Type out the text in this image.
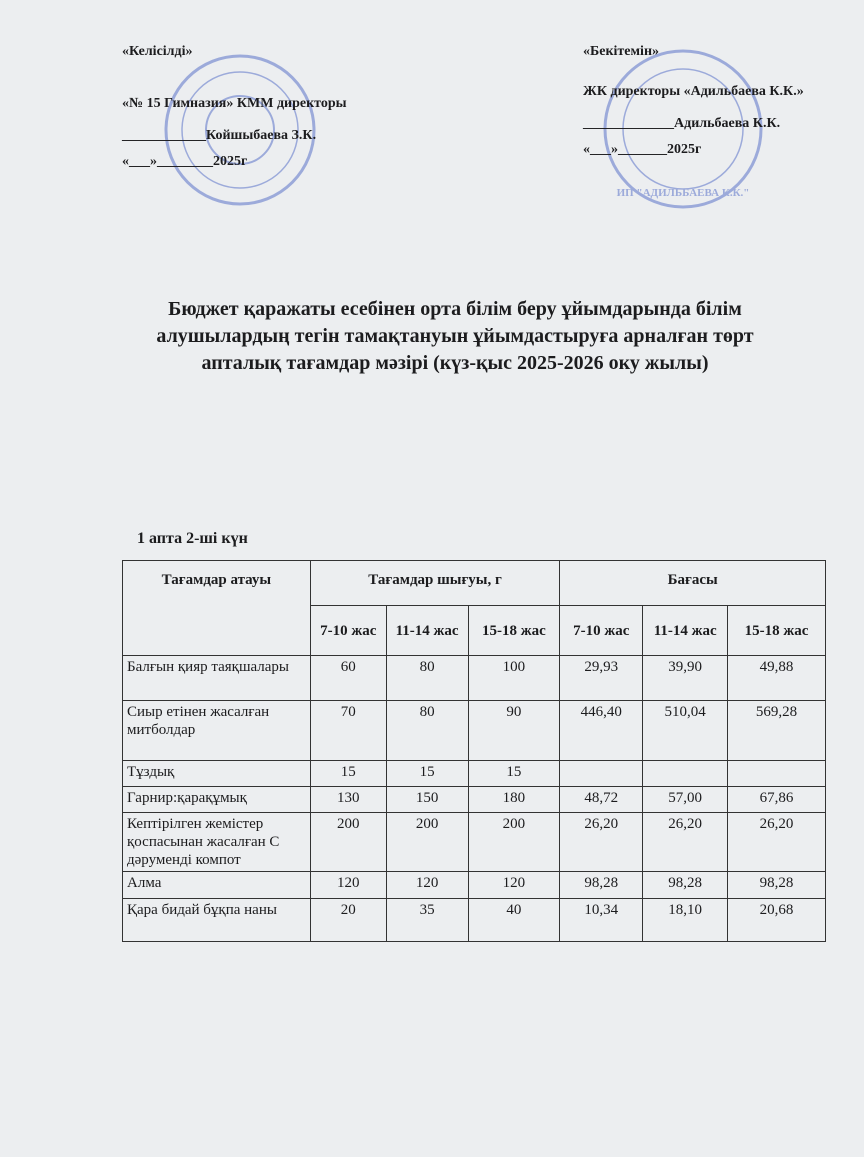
ИП "АДИЛЬБАЕВА К.К."
«Келісілді»
«№ 15 Гимназия» КММ директоры
____________Койшыбаева З.К.
«___»________2025г
«Бекітемін»
ЖК директоры «Адильбаева К.К.»
_____________Адильбаева К.К.
«___»_______2025г
Бюджет қаражаты есебінен орта білім беру ұйымдарында білім
алушылардың тегін тамақтануын ұйымдастыруға арналған төрт
апталық тағамдар мәзірі (күз-қыс 2025-2026 оку жылы)
1 апта 2-ші күн
Тағамдар атауы	Тағамдар шығуы, г			Бағасы		
	7-10 жас	11-14 жас	15-18 жас	7-10 жас	11-14 жас	15-18 жас
Балғын қияр таяқшалары	60	80	100	29,93	39,90	49,88
Сиыр етінен жасалған митболдар	70	80	90	446,40	510,04	569,28
Тұздық	15	15	15			
Гарнир:қарақұмық	130	150	180	48,72	57,00	67,86
Кептірілген жемістер қоспасынан жасалған С дәруменді компот	200	200	200	26,20	26,20	26,20
Алма	120	120	120	98,28	98,28	98,28
Қара бидай бұқпа наны	20	35	40	10,34	18,10	20,68
